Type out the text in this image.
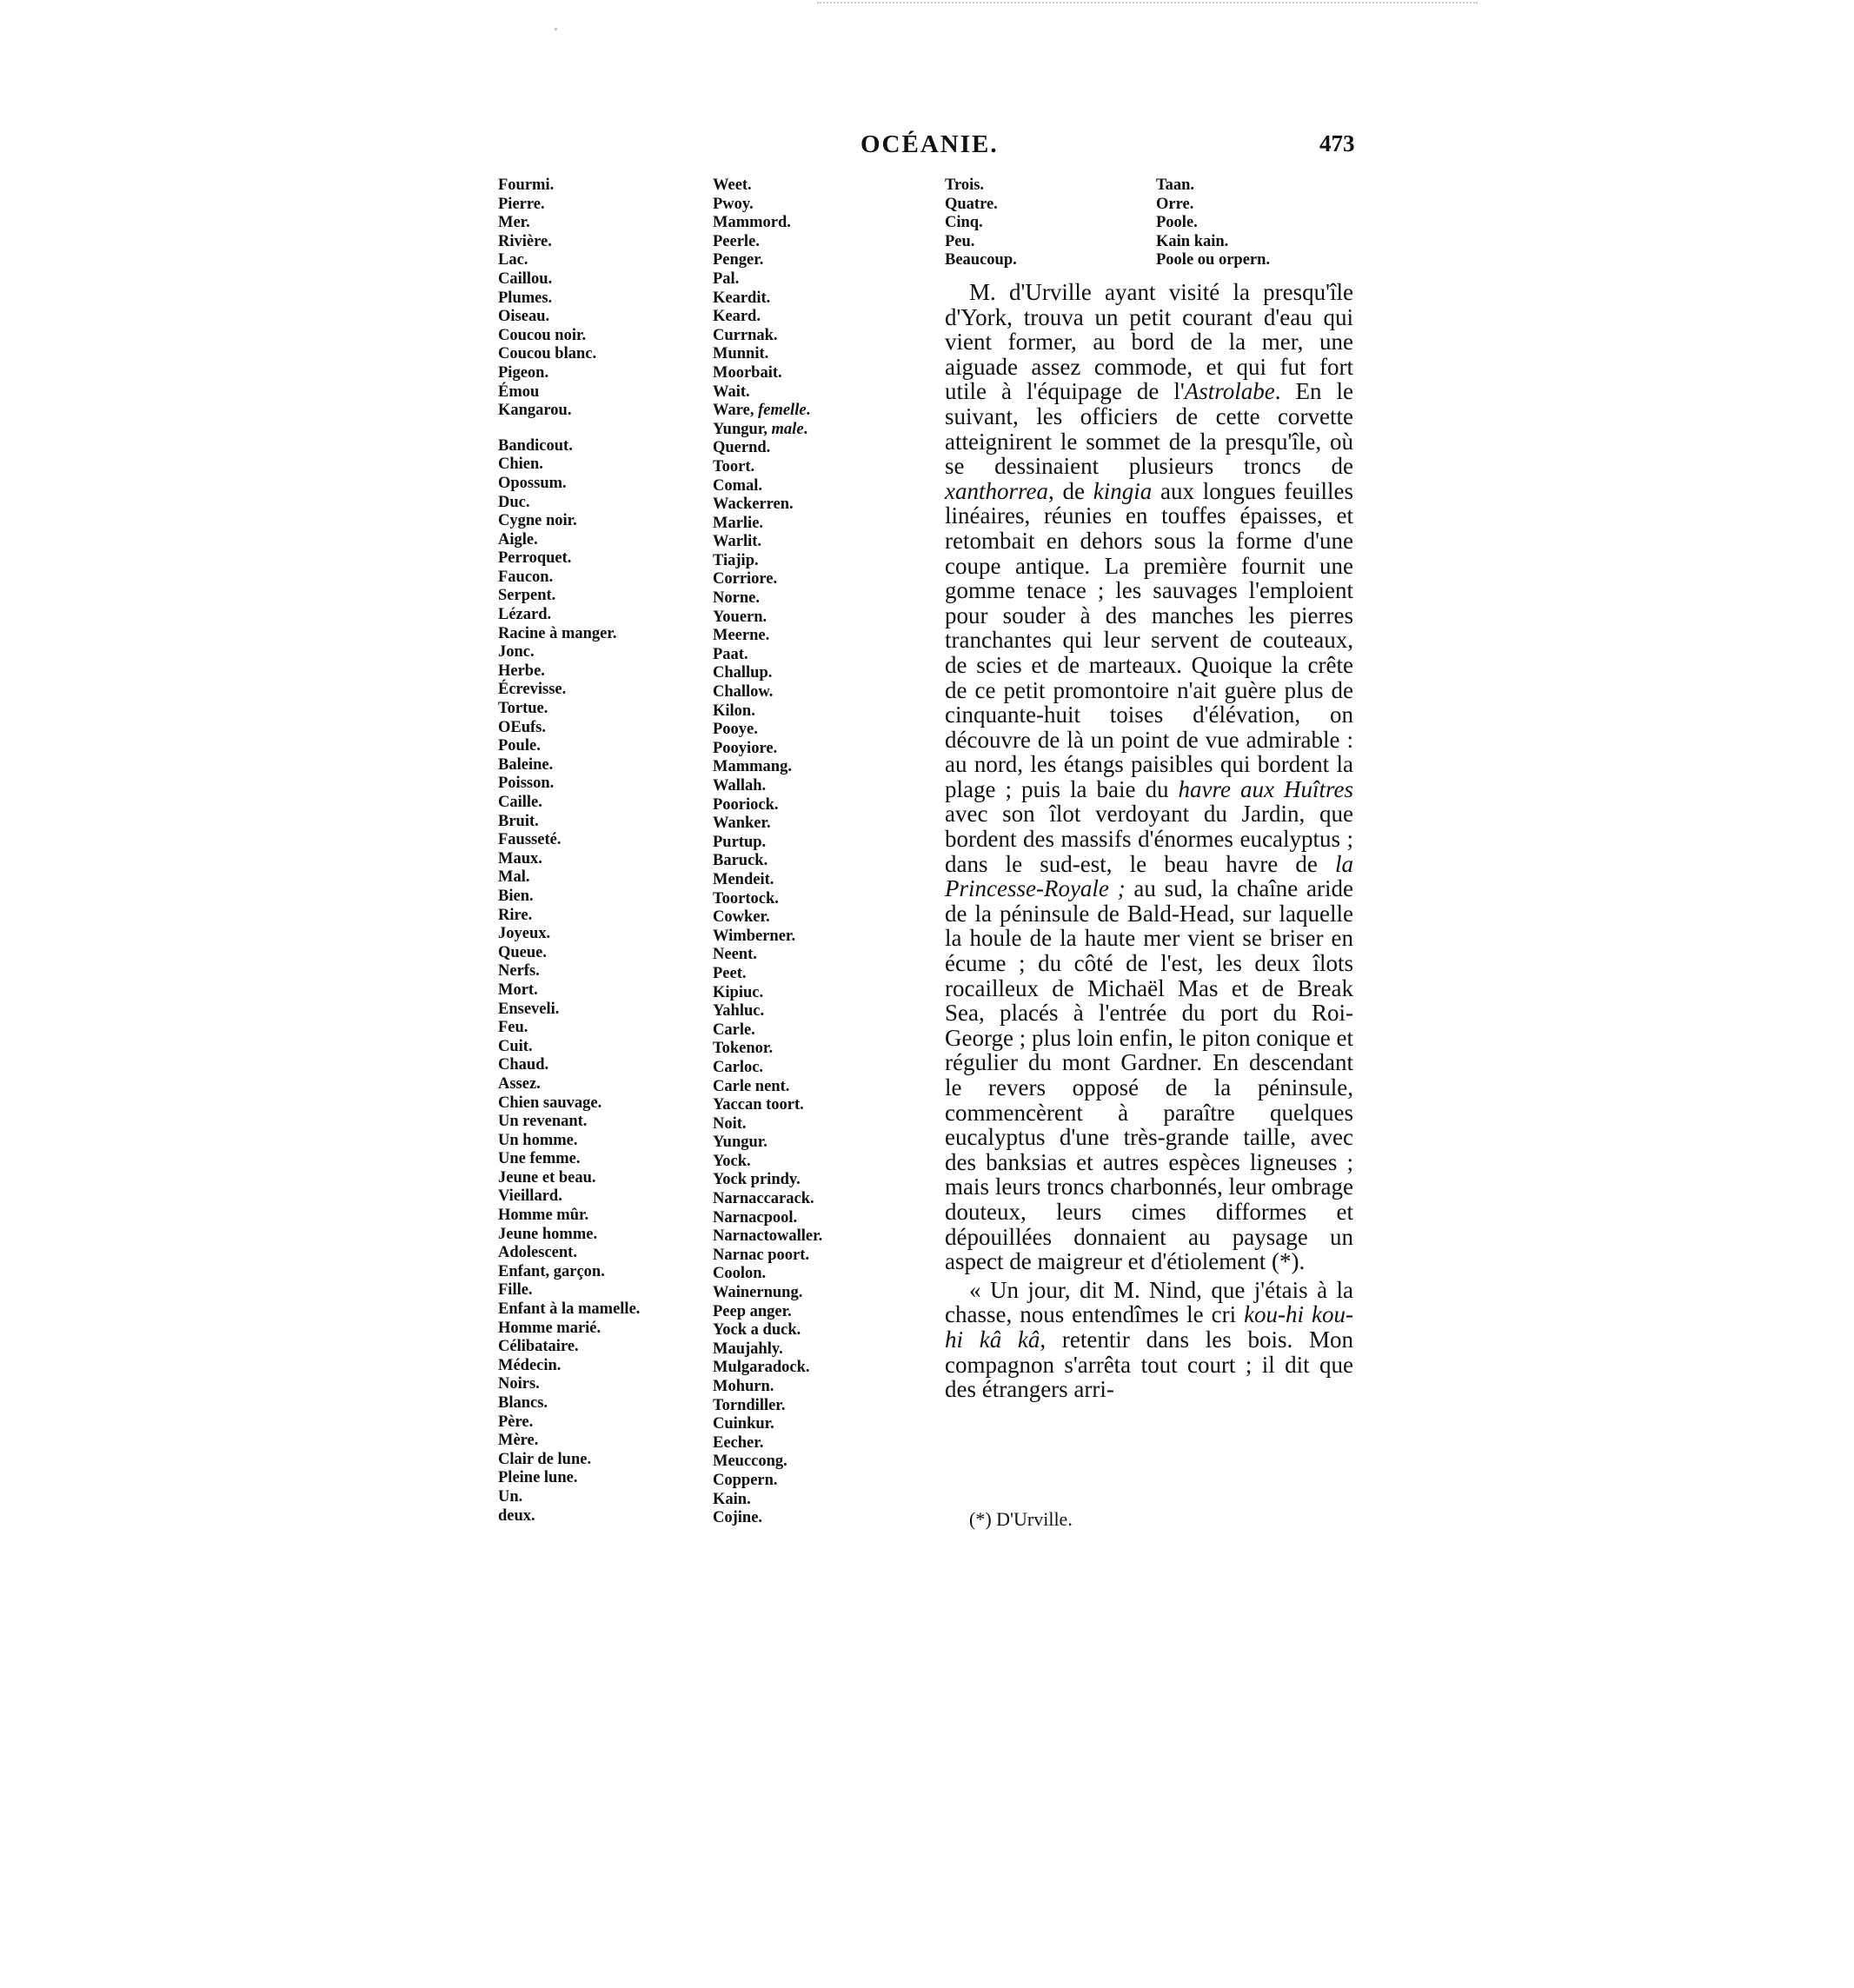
OCÉANIE.	473
Fourmi.
Pierre.
Mer.
Rivière.
Lac.
Caillou.
Plumes.
Oiseau.
Coucou noir.
Coucou blanc.
Pigeon.
Émou
Kangarou.
Bandicout.
Chien.
Opossum.
Duc.
Cygne noir.
Aigle.
Perroquet.
Faucon.
Serpent.
Lézard.
Racine à manger.
Jonc.
Herbe.
Écrevisse.
Tortue.
OEufs.
Poule.
Baleine.
Poisson.
Caille.
Bruit.
Fausseté.
Maux.
Mal.
Bien.
Rire.
Joyeux.
Queue.
Nerfs.
Mort.
Enseveli.
Feu.
Cuit.
Chaud.
Assez.
Chien sauvage.
Un revenant.
Un homme.
Une femme.
Jeune et beau.
Vieillard.
Homme mûr.
Jeune homme.
Adolescent.
Enfant, garçon.
Fille.
Enfant à la mamelle.
Homme marié.
Célibataire.
Médecin.
Noirs.
Blancs.
Père.
Mère.
Clair de lune.
Pleine lune.
Un.
deux.
Weet.
Pwoy.
Mammord.
Peerle.
Penger.
Pal.
Keardit.
Keard.
Currnak.
Munnit.
Moorbait.
Wait.
Ware, femelle.
Yungur, male.
Quernd.
Toort.
Comal.
Wackerren.
Marlie.
Warlit.
Tiajip.
Corriore.
Norne.
Youern.
Meerne.
Paat.
Challup.
Challow.
Kilon.
Pooye.
Pooyiore.
Mammang.
Wallah.
Pooriock.
Wanker.
Purtup.
Baruck.
Mendeit.
Toortock.
Cowker.
Wimberner.
Neent.
Peet.
Kipiuc.
Yahluc.
Carle.
Tokenor.
Carloc.
Carle nent.
Yaccan toort.
Noit.
Yungur.
Yock.
Yock prindy.
Narnaccarack.
Narnacpool.
Narnactowaller.
Narnac poort.
Coolon.
Wainernung.
Peep anger.
Yock a duck.
Maujahly.
Mulgaradock.
Mohurn.
Torndiller.
Cuinkur.
Eecher.
Meuccong.
Coppern.
Kain.
Cojine.
Trois.
Quatre.
Cinq.
Peu.
Beaucoup.
Taan.
Orre.
Poole.
Kain kain.
Poole ou orpern.

M. d'Urville ayant visité la presqu'île d'York, trouva un petit courant d'eau qui vient former, au bord de la mer, une aiguade assez commode, et qui fut fort utile à l'équipage de l'Astrolabe. En le suivant, les officiers de cette corvette atteignirent le sommet de la presqu'île, où se dessinaient plusieurs troncs de xanthorrea, de kingia aux longues feuilles linéaires, réunies en touffes épaisses, et retombait en dehors sous la forme d'une coupe antique. La première fournit une gomme tenace ; les sauvages l'emploient pour souder à des manches les pierres tranchantes qui leur servent de couteaux, de scies et de marteaux. Quoique la crête de ce petit promontoire n'ait guère plus de cinquante-huit toises d'élévation, on découvre de là un point de vue admirable : au nord, les étangs paisibles qui bordent la plage ; puis la baie du havre aux Huîtres avec son îlot verdoyant du Jardin, que bordent des massifs d'énormes eucalyptus ; dans le sud-est, le beau havre de la Princesse-Royale ; au sud, la chaîne aride de la péninsule de Bald-Head, sur laquelle la houle de la haute mer vient se briser en écume ; du côté de l'est, les deux îlots rocailleux de Michaël Mas et de Break Sea, placés à l'entrée du port du Roi-George ; plus loin enfin, le piton conique et régulier du mont Gardner. En descendant le revers opposé de la péninsule, commencèrent à paraître quelques eucalyptus d'une très-grande taille, avec des banksias et autres espèces ligneuses ; mais leurs troncs charbonnés, leur ombrage douteux, leurs cimes difformes et dépouillées donnaient au paysage un aspect de maigreur et d'étiolement (*).

« Un jour, dit M. Nind, que j'étais à la chasse, nous entendîmes le cri kou-hi kou-hi kâ kâ, retentir dans les bois. Mon compagnon s'arrêta tout court ; il dit que des étrangers arri-

(*) D'Urville.
